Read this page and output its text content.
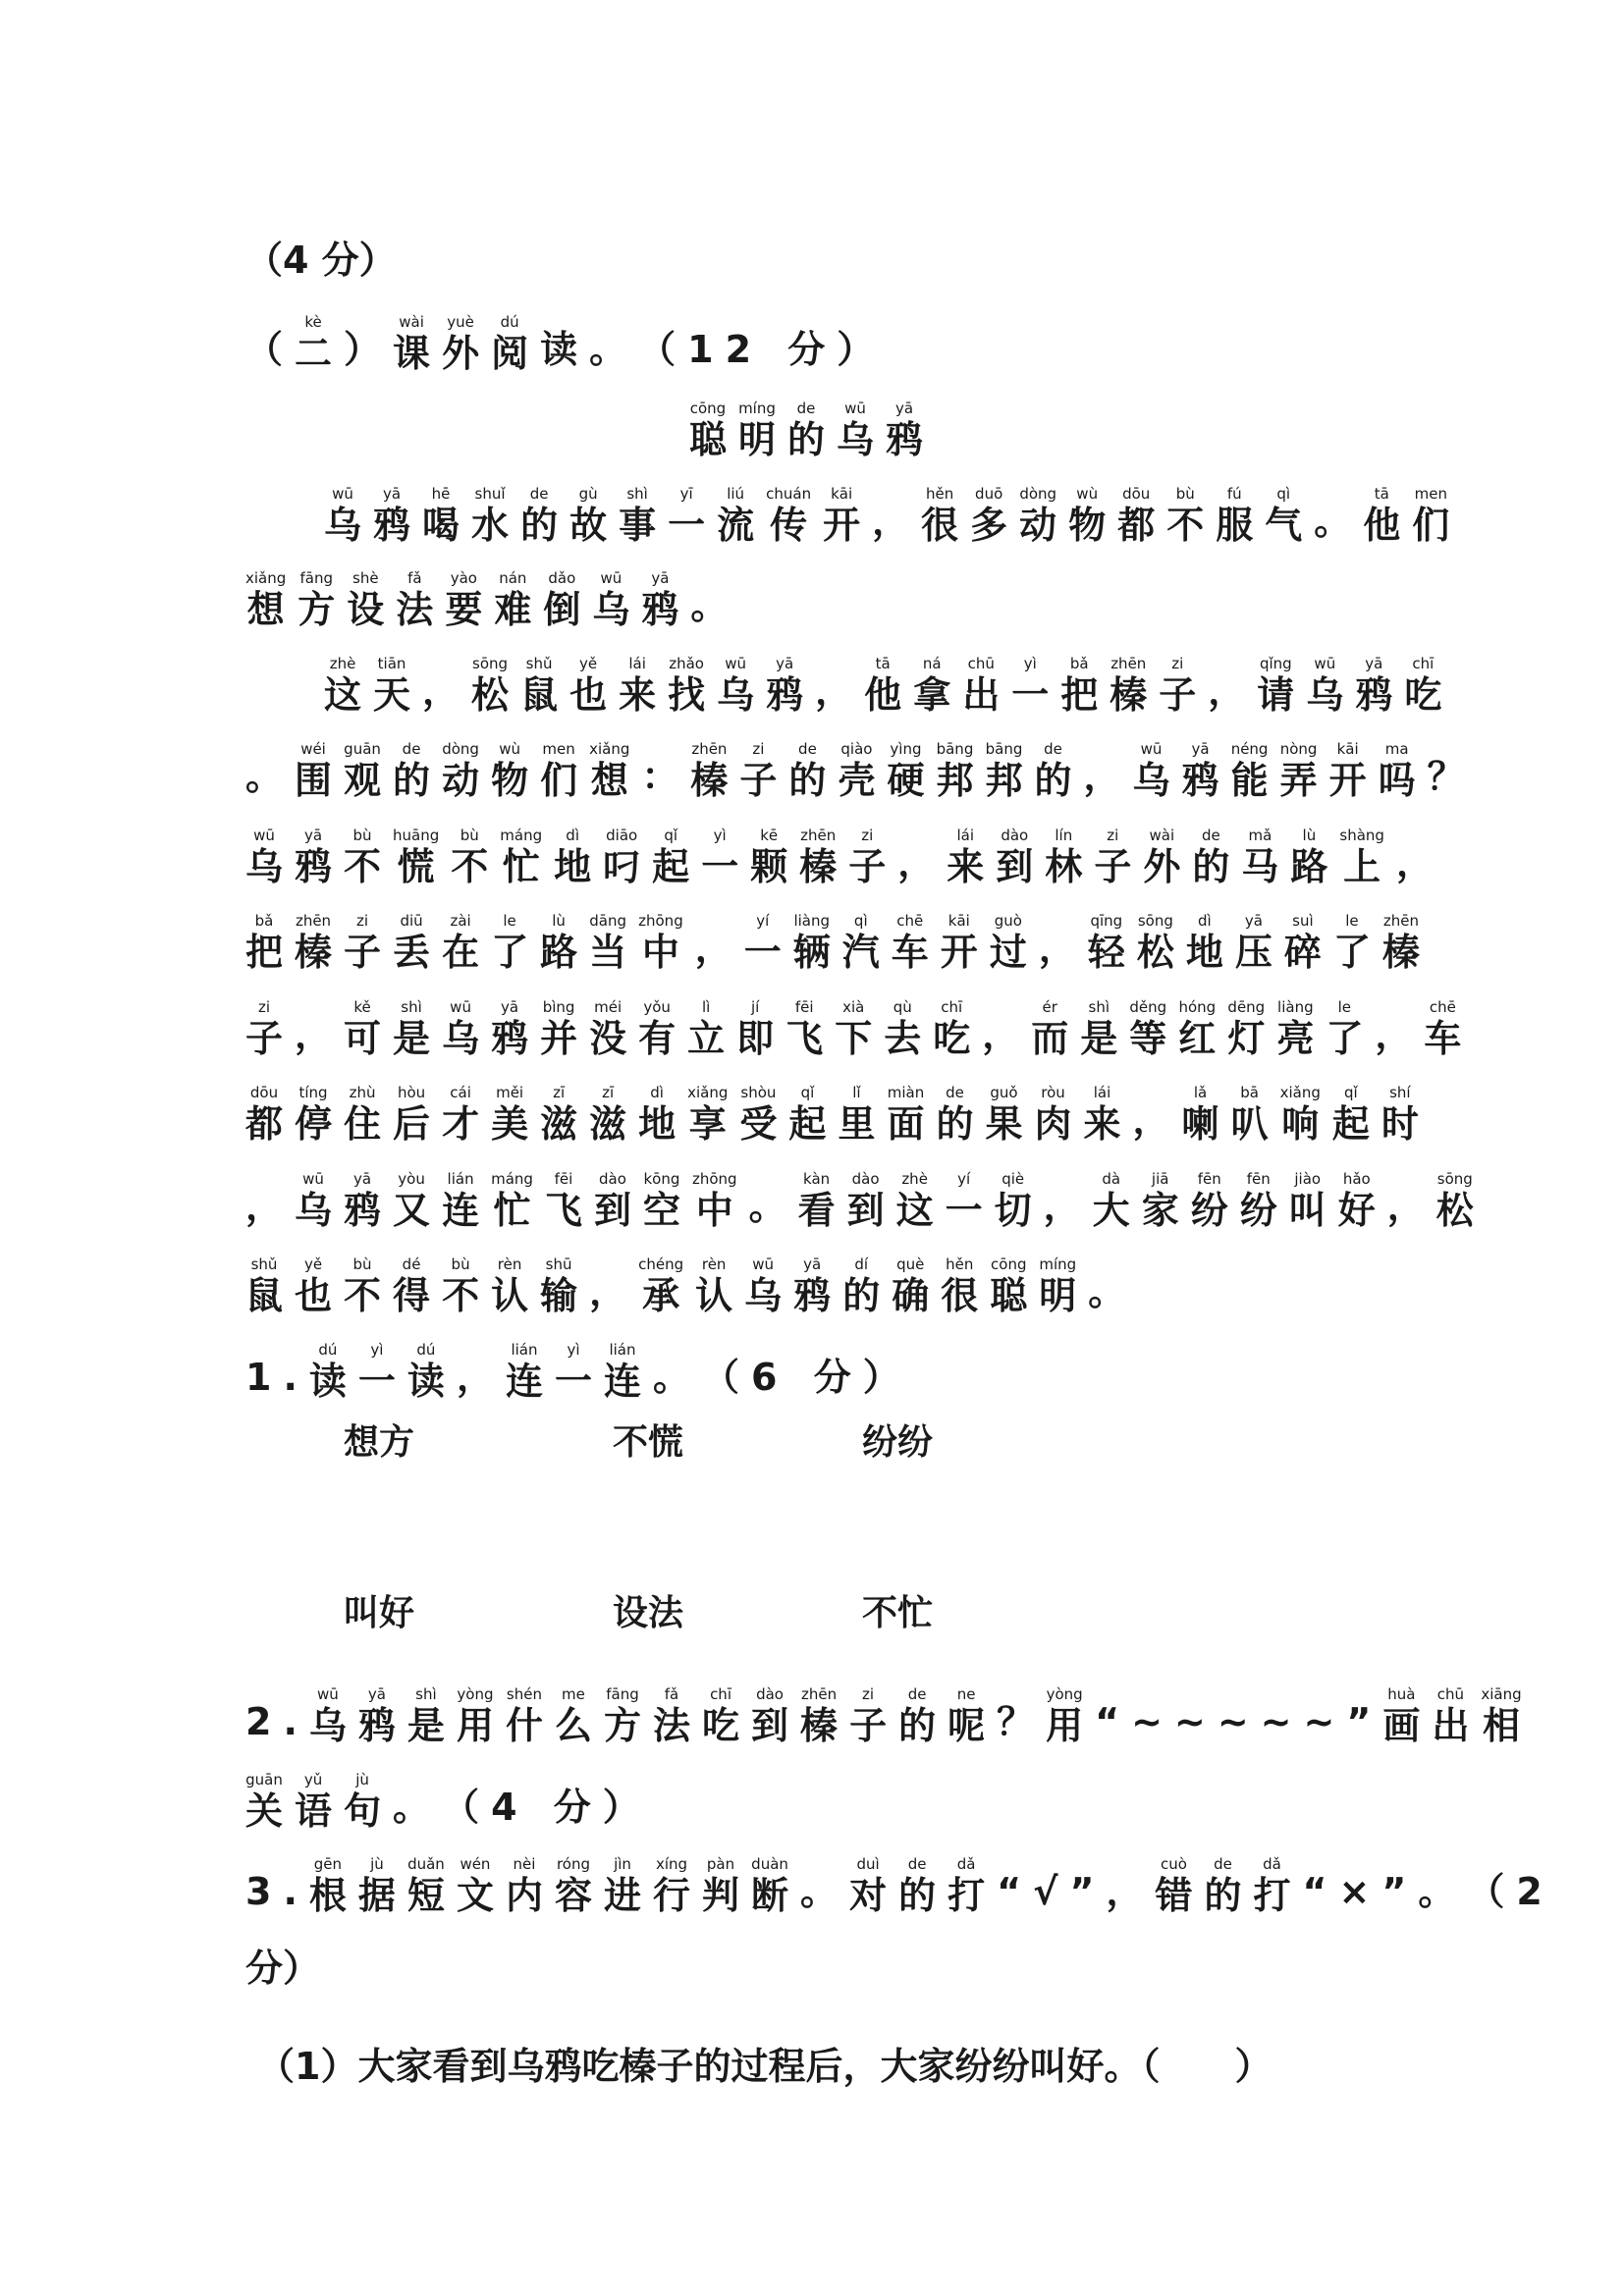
（4 分）
（
kè
二 ）
wài
课
yuè
外
dú
阅 读 。 （ 1 2
分 ）
cōng
聪
míng
明
de
的
wū
乌
yā
鸦
wū
乌
yā
鸦
hē
喝
shuǐ
水
de
的
gù
故
shì
事
yī
一
liú
流
chuán
传
kāi
开 ，
hěn
很
duō
多
dòng
动
wù
物
dōu
都
bù
不
fú
服
qì
气 。
tā
他
men
们
xiǎng
想
fāng
方
shè
设
fǎ
法
yào
要
nán
难
dǎo
倒
wū
乌
yā
鸦 。
zhè
这
tiān
天 ，
sōng
松
shǔ
鼠
yě
也
lái
来
zhǎo
找
wū
乌
yā
鸦 ，
tā
他
ná
拿
chū
出
yì
一
bǎ
把
zhēn
榛
zi
子 ，
qǐng
请
wū
乌
yā
鸦
chī
吃
。
wéi
围
guān
观
de
的
dòng
动
wù
物
men
们
xiǎng
想 ：
zhēn
榛
zi
子
de
的
qiào
壳
yìng
硬
bāng
邦
bāng
邦
de
的 ，
wū
乌
yā
鸦
néng
能
nòng
弄
kāi
开
ma
吗 ？
wū
乌
yā
鸦
bù
不
huāng
慌
bù
不
máng
忙
dì
地
diāo
叼
qǐ
起
yì
一
kē
颗
zhēn
榛
zi
子 ，
lái
来
dào
到
lín
林
zi
子
wài
外
de
的
mǎ
马
lù
路
shàng
上 ，
bǎ
把
zhēn
榛
zi
子
diū
丢
zài
在
le
了
lù
路
dāng
当
zhōng
中 ，
yí
一
liàng
辆
qì
汽
chē
车
kāi
开
guò
过 ，
qīng
轻
sōng
松
dì
地
yā
压
suì
碎
le
了
zhēn
榛
zi
子 ，
kě
可
shì
是
wū
乌
yā
鸦
bìng
并
méi
没
yǒu
有
lì
立
jí
即
fēi
飞
xià
下
qù
去
chī
吃 ，
ér
而
shì
是
děng
等
hóng
红
dēng
灯
liàng
亮
le
了 ，
chē
车
dōu
都
tíng
停
zhù
住
hòu
后
cái
才
měi
美
zī
滋
zī
滋
dì
地
xiǎng
享
shòu
受
qǐ
起
lǐ
里
miàn
面
de
的
guǒ
果
ròu
肉
lái
来 ，
lǎ
喇
bā
叭
xiǎng
响
qǐ
起
shí
时
，
wū
乌
yā
鸦
yòu
又
lián
连
máng
忙
fēi
飞
dào
到
kōng
空
zhōng
中 。
kàn
看
dào
到
zhè
这
yí
一
qiè
切 ，
dà
大
jiā
家
fēn
纷
fēn
纷
jiào
叫
hǎo
好 ，
sōng
松
shǔ
鼠
yě
也
bù
不
dé
得
bù
不
rèn
认
shū
输 ，
chéng
承
rèn
认
wū
乌
yā
鸦
dí
的
què
确
hěn
很
cōng
聪
míng
明 。
1 .
dú
读
yì
一
dú
读 ，
lián
连
yì
一
lián
连 。 （ 6
分 ）
2 .
wū
乌
yā
鸦
shì
是
yòng
用
shén
什
me
么
fāng
方
fǎ
法
chī
吃
dào
到
zhēn
榛
zi
子
de
的
ne
呢 ？
yòng
用 “ ~ ~ ~ ~ ~ ”
huà
画
chū
出
xiāng
相
guān
关
yǔ
语
jù
句 。 （ 4
分 ）
3 .
gēn
根
jù
据
duǎn
短
wén
文
nèi
内
róng
容
jìn
进
xíng
行
pàn
判
duàn
断 。
duì
对
de
的
dǎ
打 “ √ ” ，
cuò
错
de
的
dǎ
打 “ × ” 。 （ 2
分）
（1）大家看到乌鸦吃榛子的过程后，大家纷纷叫好。（　　）
想方	不慌	纷纷
叫好	设法	不忙
